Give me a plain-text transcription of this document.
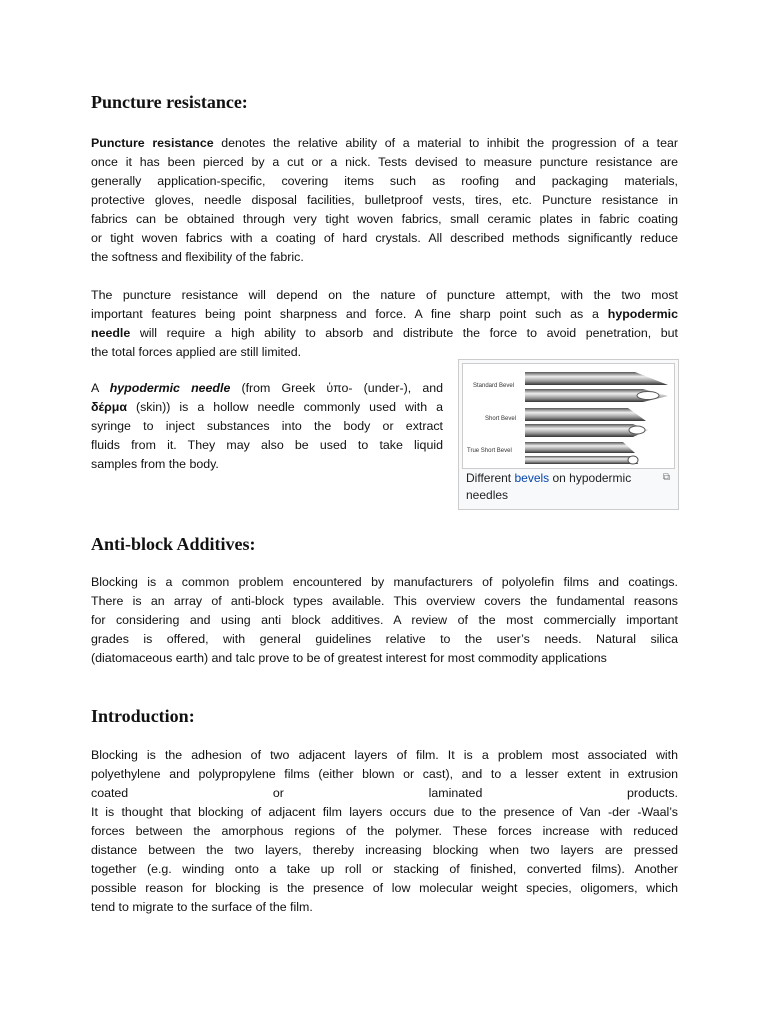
Puncture resistance:
Puncture resistance denotes the relative ability of a material to inhibit the progression of a tear
once it has been pierced by a cut or a nick. Tests devised to measure puncture resistance are
generally application-specific, covering items such as roofing and packaging materials,
protective gloves, needle disposal facilities, bulletproof vests, tires, etc. Puncture resistance in
fabrics can be obtained through very tight woven fabrics, small ceramic plates in fabric coating
or tight woven fabrics with a coating of hard crystals. All described methods significantly reduce
the softness and flexibility of the fabric.
The puncture resistance will depend on the nature of puncture attempt, with the two most
important features being point sharpness and force. A fine sharp point such as a hypodermic
needle will require a high ability to absorb and distribute the force to avoid penetration, but
the total forces applied are still limited.
A hypodermic needle (from Greek ὑπο- (under-), and
δέρμα (skin)) is a hollow needle commonly used with a
syringe to inject substances into the body or extract
fluids from it. They may also be used to take liquid
samples from the body.
Standard Bevel
Short Bevel
True Short Bevel
Different bevels on hypodermic needles
⧉
Anti-block Additives:
Blocking is a common problem encountered by manufacturers of polyolefin films and coatings.
There is an array of anti-block types available. This overview covers the fundamental reasons
for considering and using anti block additives. A review of the most commercially important
grades is offered, with general guidelines relative to the user’s needs. Natural silica
(diatomaceous earth) and talc prove to be of greatest interest for most commodity applications
Introduction:
Blocking is the adhesion of two adjacent layers of film. It is a problem most associated with
polyethylene and polypropylene films (either blown or cast), and to a lesser extent in extrusion
coated or laminated products.
It is thought that blocking of adjacent film layers occurs due to the presence of Van -der -Waal’s
forces between the amorphous regions of the polymer. These forces increase with reduced
distance between the two layers, thereby increasing blocking when two layers are pressed
together (e.g. winding onto a take up roll or stacking of finished, converted films). Another
possible reason for blocking is the presence of low molecular weight species, oligomers, which
tend to migrate to the surface of the film.
